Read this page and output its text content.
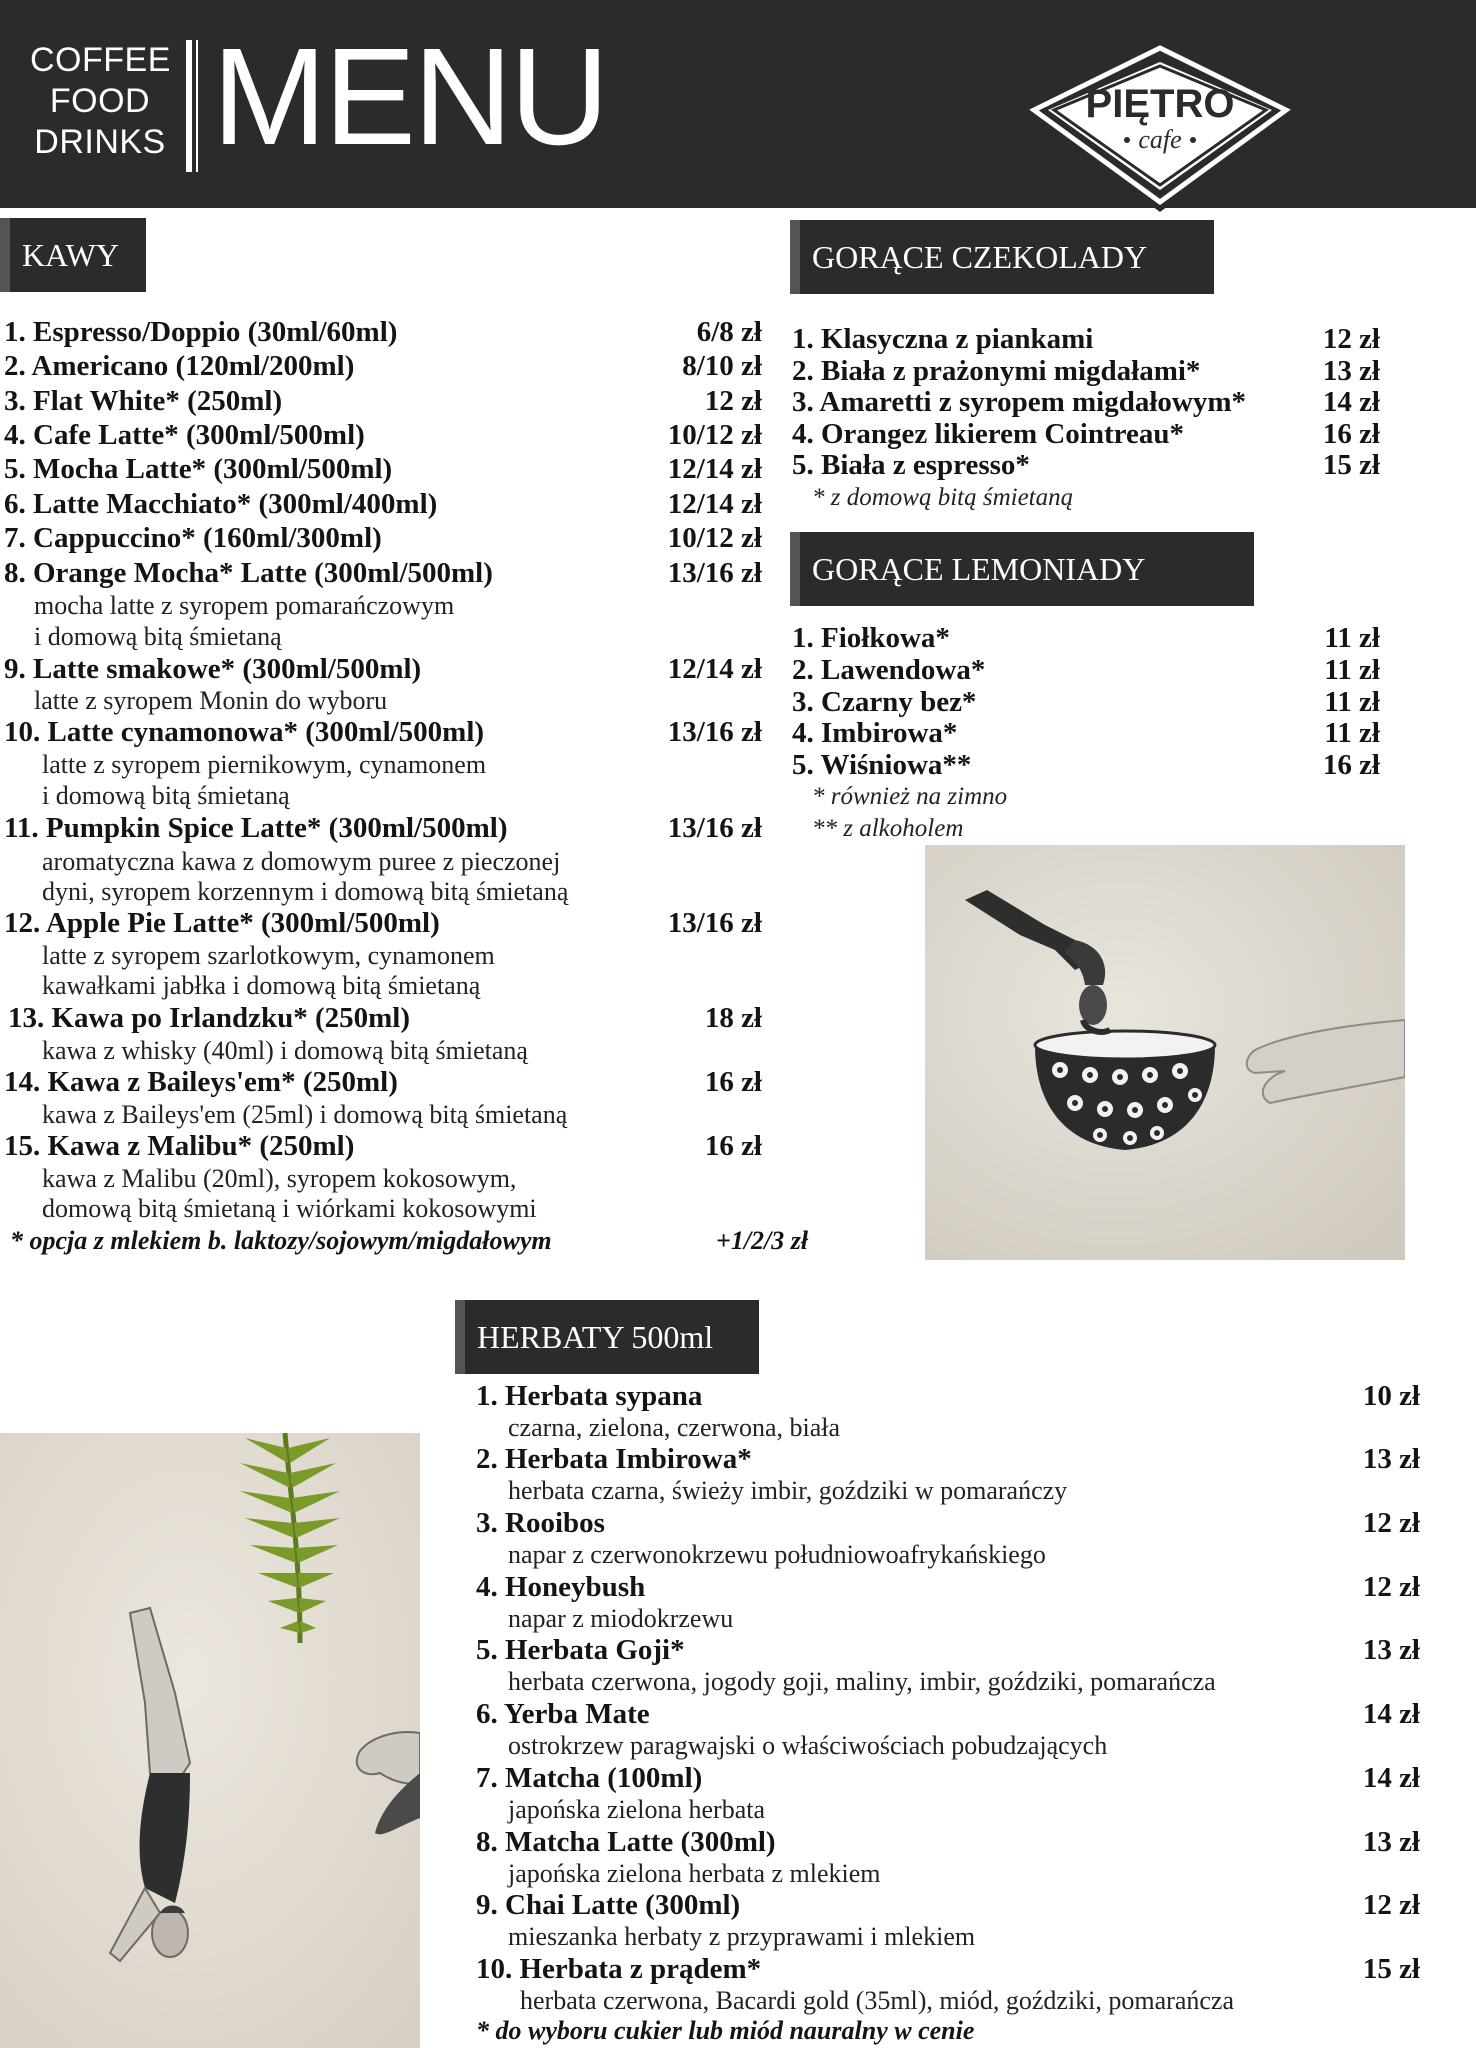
COFFEE
FOOD
DRINKS MENU	PIĘTRO
cafe
KAWY
1. Espresso/Doppio (30ml/60ml)	6/8 zł
2. Americano (120ml/200ml)	8/10 zł
3. Flat White* (250ml)	12 zł
4. Cafe Latte* (300ml/500ml)	10/12 zł
5. Mocha Latte* (300ml/500ml)	12/14 zł
6. Latte Macchiato* (300ml/400ml)	12/14 zł
7. Cappuccino* (160ml/300ml)	10/12 zł
8. Orange Mocha* Latte (300ml/500ml)	13/16 zł
mocha latte z syropem pomarańczowym
i domową bitą śmietaną
9. Latte smakowe* (300ml/500ml)	12/14 zł
latte z syropem Monin do wyboru
10. Latte cynamonowa* (300ml/500ml)	13/16 zł
latte z syropem piernikowym, cynamonem
i domową bitą śmietaną
11. Pumpkin Spice Latte* (300ml/500ml)	13/16 zł
aromatyczna kawa z domowym puree z pieczonej
dyni, syropem korzennym i domową bitą śmietaną
12. Apple Pie Latte* (300ml/500ml)	13/16 zł
latte z syropem szarlotkowym, cynamonem
kawałkami jabłka i domową bitą śmietaną
13. Kawa po Irlandzku* (250ml)	18 zł
kawa z whisky (40ml) i domową bitą śmietaną
14. Kawa z Baileys'em* (250ml)	16 zł
kawa z Baileys'em (25ml) i domową bitą śmietaną
15. Kawa z Malibu* (250ml)	16 zł
kawa z Malibu (20ml), syropem kokosowym,
domową bitą śmietaną i wiórkami kokosowymi
* opcja z mlekiem b. laktozy/sojowym/migdałowym	+1/2/3 zł
GORĄCE CZEKOLADY
1. Klasyczna z piankami	12 zł
2. Biała z prażonymi migdałami*	13 zł
3. Amaretti z syropem migdałowym*	14 zł
4. Orangez likierem Cointreau*	16 zł
5. Biała z espresso*	15 zł
* z domową bitą śmietaną
GORĄCE LEMONIADY
1. Fiołkowa*	11 zł
2. Lawendowa*	11 zł
3. Czarny bez*	11 zł
4. Imbirowa*	11 zł
5. Wiśniowa**	16 zł
* również na zimno
** z alkoholem
HERBATY 500ml
1. Herbata sypana	10 zł
czarna, zielona, czerwona, biała
2. Herbata Imbirowa*	13 zł
herbata czarna, świeży imbir, goździki w pomarańczy
3. Rooibos	12 zł
napar z czerwonokrzewu południowoafrykańskiego
4. Honeybush	12 zł
napar z miodokrzewu
5. Herbata Goji*	13 zł
herbata czerwona, jogody goji, maliny, imbir, goździki, pomarańcza
6. Yerba Mate	14 zł
ostrokrzew paragwajski o właściwościach pobudzających
7. Matcha (100ml)	14 zł
japońska zielona herbata
8. Matcha Latte (300ml)	13 zł
japońska zielona herbata z mlekiem
9. Chai Latte (300ml)	12 zł
mieszanka herbaty z przyprawami i mlekiem
10. Herbata z prądem*	15 zł
herbata czerwona, Bacardi gold (35ml), miód, goździki, pomarańcza
* do wyboru cukier lub miód nauralny w cenie
